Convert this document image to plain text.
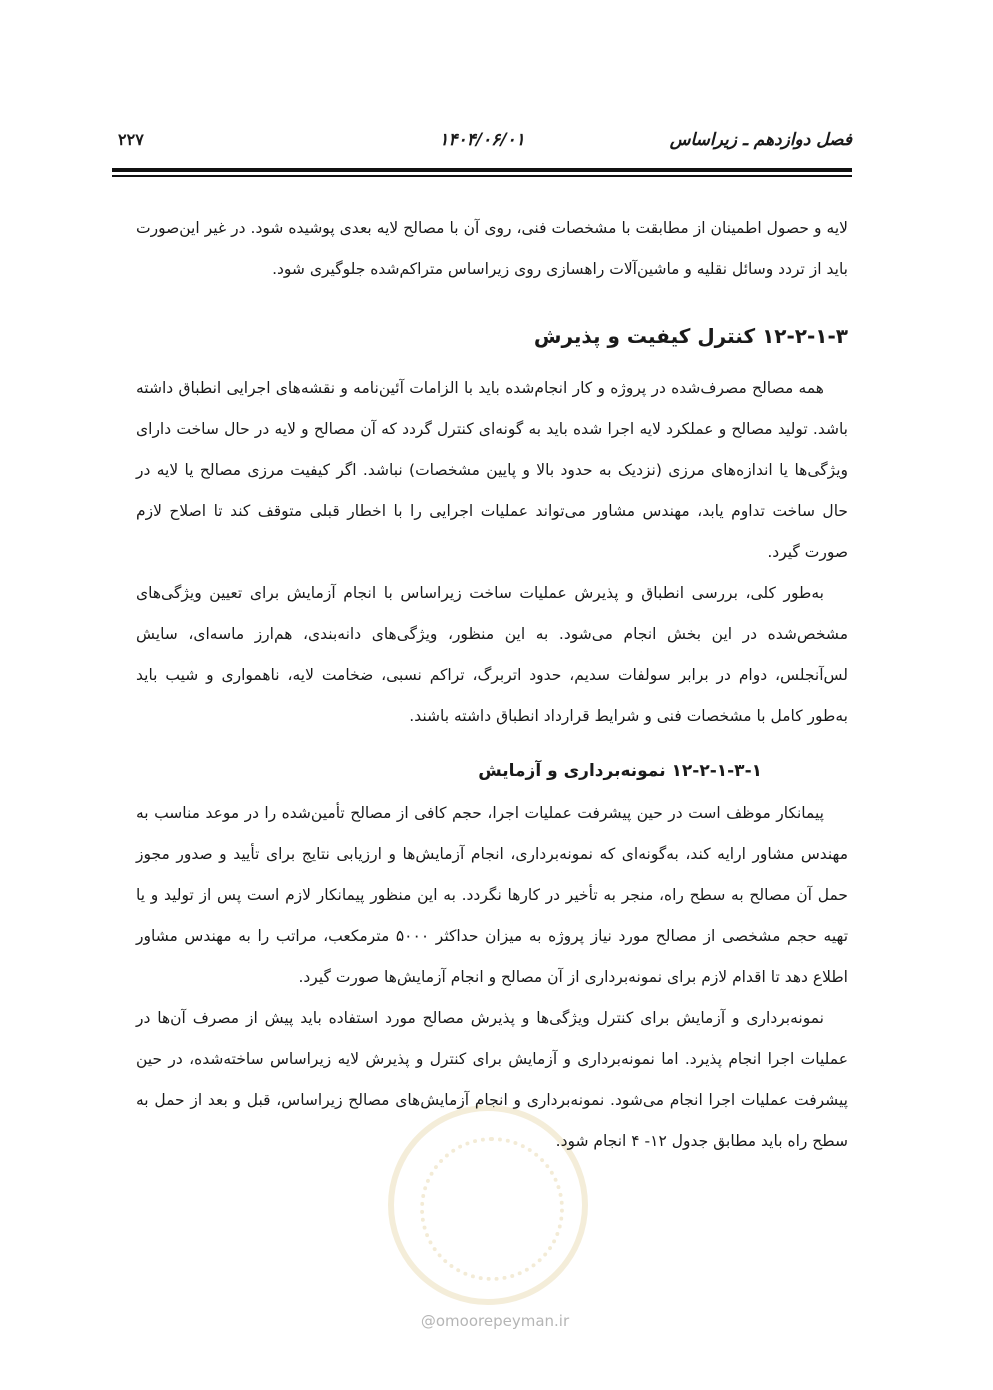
فصل دوازدهم ـ زیراساس
۱۴۰۴/۰۶/۰۱
۲۲۷

لایه و حصول اطمینان از مطابقت با مشخصات فنی، روی آن با مصالح لایه بعدی پوشیده شود. در غیر این‌صورت باید از تردد وسائل نقلیه و ماشین‌آلات راهسازی روی زیراساس متراکم‌شده جلوگیری شود.

۱۲-۲-۱-۳ کنترل کیفیت و پذیرش

همه مصالح مصرف‌شده در پروژه و کار انجام‌شده باید با الزامات آئین‌نامه و نقشه‌های اجرایی انطباق داشته باشد. تولید مصالح و عملکرد لایه اجرا شده باید به گونه‌ای کنترل گردد که آن مصالح و لایه در حال ساخت دارای ویژگی‌ها یا اندازه‌های مرزی (نزدیک به حدود بالا و پایین مشخصات) نباشد. اگر کیفیت مرزی مصالح یا لایه در حال ساخت تداوم یابد، مهندس مشاور می‌تواند عملیات اجرایی را با اخطار قبلی متوقف کند تا اصلاح لازم صورت گیرد.

به‌طور کلی، بررسی انطباق و پذیرش عملیات ساخت زیراساس با انجام آزمایش برای تعیین ویژگی‌های مشخص‌شده در این بخش انجام می‌شود. به این منظور، ویژگی‌های دانه‌بندی، هم‌ارز ماسه‌ای، سایش لس‌آنجلس، دوام در برابر سولفات سدیم، حدود اتربرگ، تراکم نسبی، ضخامت لایه، ناهمواری و شیب باید به‌طور کامل با مشخصات فنی و شرایط قرارداد انطباق داشته باشند.

۱۲-۲-۱-۳-۱ نمونه‌برداری و آزمایش

پیمانکار موظف است در حین پیشرفت عملیات اجرا، حجم کافی از مصالح تأمین‌شده را در موعد مناسب به مهندس مشاور ارایه کند، به‌گونه‌ای که نمونه‌برداری، انجام آزمایش‌ها و ارزیابی نتایج برای تأیید و صدور مجوز حمل آن مصالح به سطح راه، منجر به تأخیر در کارها نگردد. به این منظور پیمانکار لازم است پس از تولید و یا تهیه حجم مشخصی از مصالح مورد نیاز پروژه به میزان حداکثر ۵۰۰۰ مترمکعب، مراتب را به مهندس مشاور اطلاع دهد تا اقدام لازم برای نمونه‌برداری از آن مصالح و انجام آزمایش‌ها صورت گیرد.

نمونه‌برداری و آزمایش برای کنترل ویژگی‌ها و پذیرش مصالح مورد استفاده باید پیش از مصرف آن‌ها در عملیات اجرا انجام پذیرد. اما نمونه‌برداری و آزمایش برای کنترل و پذیرش لایه زیراساس ساخته‌شده، در حین پیشرفت عملیات اجرا انجام می‌شود. نمونه‌برداری و انجام آزمایش‌های مصالح زیراساس، قبل و بعد از حمل به سطح راه باید مطابق جدول ۱۲- ۴ انجام شود.

@omoorepeyman.ir
